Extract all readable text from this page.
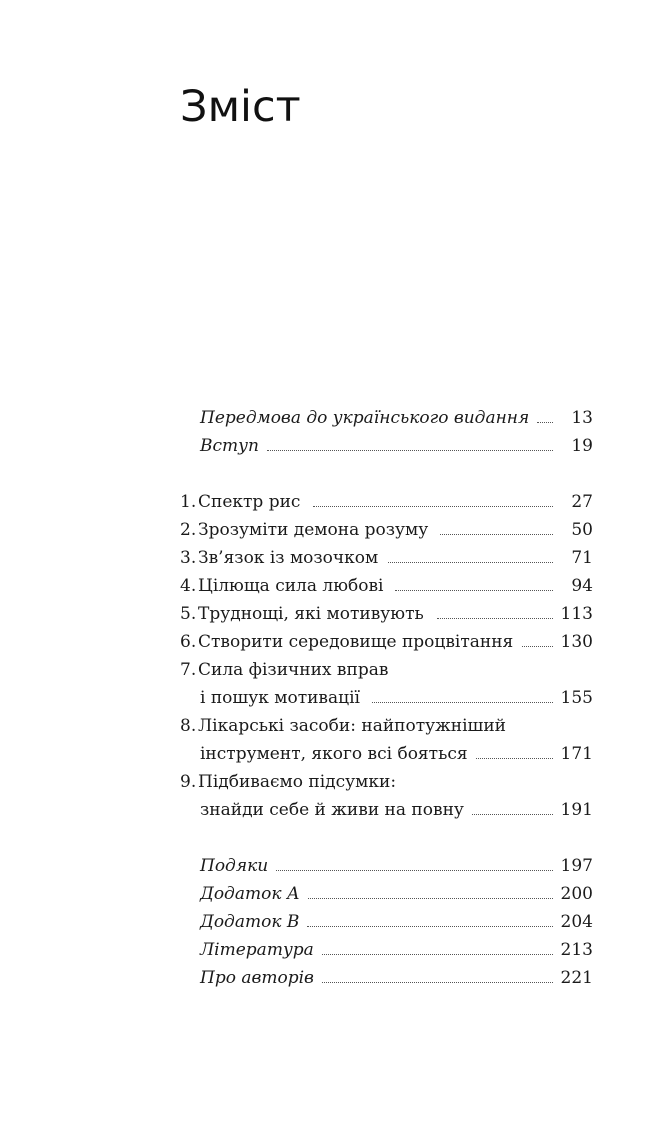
Зміст
Передмова до українського видання 13
Вступ	19
1. Спектр рис	27
2. Зрозуміти демона розуму	50
3. Зв’язок із мозочком	71
4. Цілюща сила любові	94
5. Труднощі, які мотивують	113
6. Створити середовище процвітання	130
7. Сила фізичних вправ
і пошук мотивації	155
8. Лікарські засоби: найпотужніший
інструмент, якого всі бояться	171
9. Підбиваємо підсумки:
знайди себе й живи на повну	191
Подяки	197
Додаток А	200
Додаток В	204
Література	213
Про авторів	221
